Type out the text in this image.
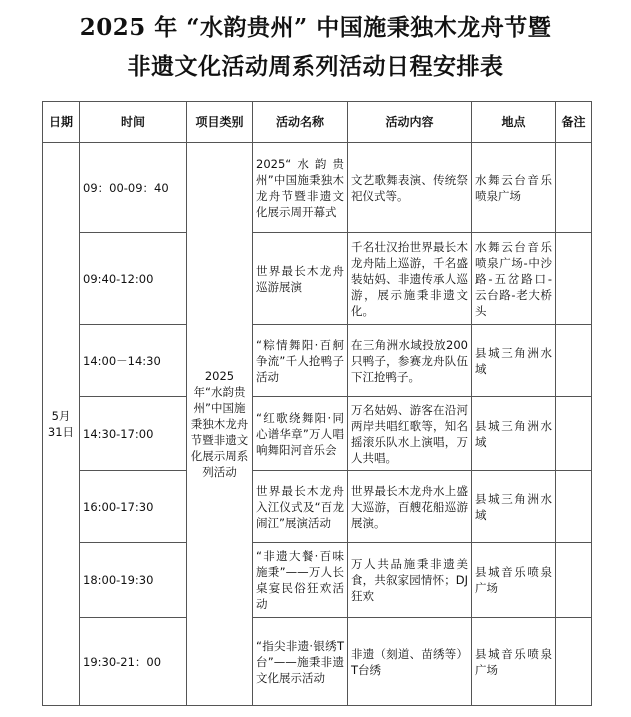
2025 年 “水韵贵州” 中国施秉独木龙舟节暨
非遗文化活动周系列活动日程安排表
日期	时间	项目类别	活动名称	活动内容	地点	备注
5月31日	09：00-09：40	2025 年“水韵贵州”中国施秉独木龙舟节暨非遗文化展示周系列活动	2025“水韵贵州”中国施秉独木龙舟节暨非遗文化展示周开幕式	文艺歌舞表演、传统祭祀仪式等。	水舞云台音乐喷泉广场	
	09:40-12:00		世界最长木龙舟巡游展演	千名壮汉抬世界最长木龙舟陆上巡游，千名盛装姑妈、非遗传承人巡游，展示施秉非遗文化。	水舞云台音乐喷泉广场-中沙路-五岔路口-云台路-老大桥头	
	14:00－14:30		“粽情舞阳·百舸争流”千人抢鸭子活动	在三角洲水域投放200只鸭子，参赛龙舟队伍下江抢鸭子。	县城三角洲水域	
	14:30-17:00		“红歌绕舞阳·同心谱华章”万人唱响舞阳河音乐会	万名姑妈、游客在沿河两岸共唱红歌等，知名摇滚乐队水上演唱，万人共唱。	县城三角洲水域	
	16:00-17:30		世界最长木龙舟入江仪式及“百龙闹江”展演活动	世界最长木龙舟水上盛大巡游，百艘花船巡游展演。	县城三角洲水域	
	18:00-19:30		“非遗大餐·百味施秉”——万人长桌宴民俗狂欢活动	万人共品施秉非遗美食，共叙家园情怀；DJ狂欢	县城音乐喷泉广场	
	19:30-21：00		“指尖非遗·银绣T台”——施秉非遗文化展示活动	非遗（刻道、苗绣等）T台绣	县城音乐喷泉广场	
